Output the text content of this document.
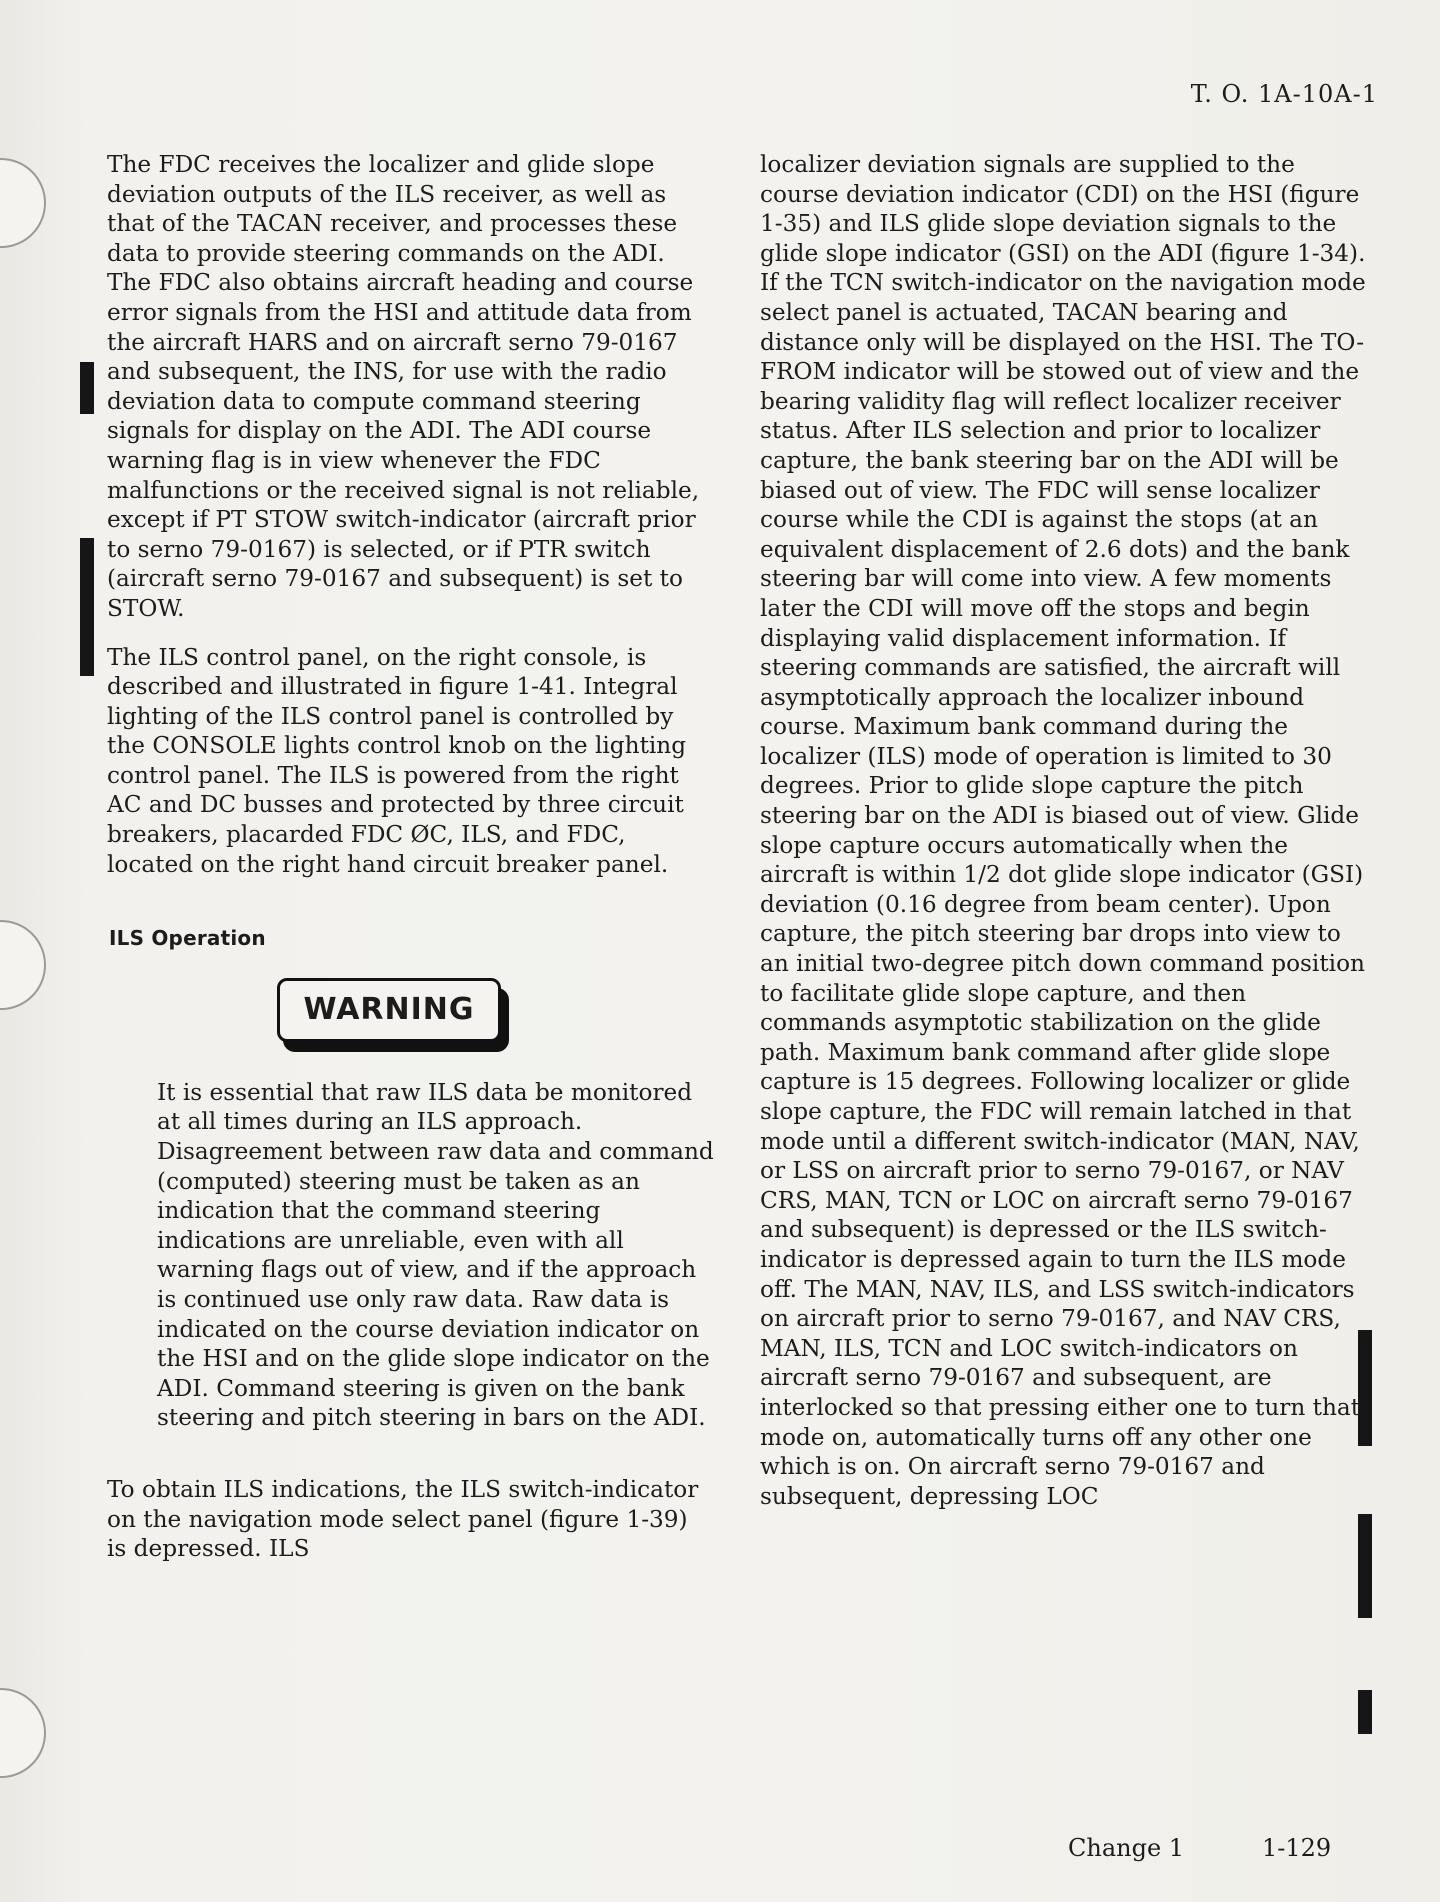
T. O. 1A-10A-1

The FDC receives the localizer and glide slope deviation outputs of the ILS receiver, as well as that of the TACAN receiver, and processes these data to provide steering commands on the ADI. The FDC also obtains aircraft heading and course error signals from the HSI and attitude data from the aircraft HARS and on aircraft serno 79-0167 and subsequent, the INS, for use with the radio deviation data to compute command steering signals for display on the ADI. The ADI course warning flag is in view whenever the FDC malfunctions or the received signal is not reliable, except if PT STOW switch-indicator (aircraft prior to serno 79-0167) is selected, or if PTR switch (aircraft serno 79-0167 and subsequent) is set to STOW.

The ILS control panel, on the right console, is described and illustrated in figure 1-41. Integral lighting of the ILS control panel is controlled by the CONSOLE lights control knob on the lighting control panel. The ILS is powered from the right AC and DC busses and protected by three circuit breakers, placarded FDC ØC, ILS, and FDC, located on the right hand circuit breaker panel.

ILS Operation

WARNING

It is essential that raw ILS data be monitored at all times during an ILS approach. Disagreement between raw data and command (computed) steering must be taken as an indication that the command steering indications are unreliable, even with all warning flags out of view, and if the approach is continued use only raw data. Raw data is indicated on the course deviation indicator on the HSI and on the glide slope indicator on the ADI. Command steering is given on the bank steering and pitch steering in bars on the ADI.

To obtain ILS indications, the ILS switch-indicator on the navigation mode select panel (figure 1-39) is depressed. ILS

localizer deviation signals are supplied to the course deviation indicator (CDI) on the HSI (figure 1-35) and ILS glide slope deviation signals to the glide slope indicator (GSI) on the ADI (figure 1-34). If the TCN switch-indicator on the navigation mode select panel is actuated, TACAN bearing and distance only will be displayed on the HSI. The TO-FROM indicator will be stowed out of view and the bearing validity flag will reflect localizer receiver status. After ILS selection and prior to localizer capture, the bank steering bar on the ADI will be biased out of view. The FDC will sense localizer course while the CDI is against the stops (at an equivalent displacement of 2.6 dots) and the bank steering bar will come into view. A few moments later the CDI will move off the stops and begin displaying valid displacement information. If steering commands are satisfied, the aircraft will asymptotically approach the localizer inbound course. Maximum bank command during the localizer (ILS) mode of operation is limited to 30 degrees. Prior to glide slope capture the pitch steering bar on the ADI is biased out of view. Glide slope capture occurs automatically when the aircraft is within 1/2 dot glide slope indicator (GSI) deviation (0.16 degree from beam center). Upon capture, the pitch steering bar drops into view to an initial two-degree pitch down command position to facilitate glide slope capture, and then commands asymptotic stabilization on the glide path. Maximum bank command after glide slope capture is 15 degrees. Following localizer or glide slope capture, the FDC will remain latched in that mode until a different switch-indicator (MAN, NAV, or LSS on aircraft prior to serno 79-0167, or NAV CRS, MAN, TCN or LOC on aircraft serno 79-0167 and subsequent) is depressed or the ILS switch-indicator is depressed again to turn the ILS mode off. The MAN, NAV, ILS, and LSS switch-indicators on aircraft prior to serno 79-0167, and NAV CRS, MAN, ILS, TCN and LOC switch-indicators on aircraft serno 79-0167 and subsequent, are interlocked so that pressing either one to turn that mode on, automatically turns off any other one which is on. On aircraft serno 79-0167 and subsequent, depressing LOC

Change 1	1-129
